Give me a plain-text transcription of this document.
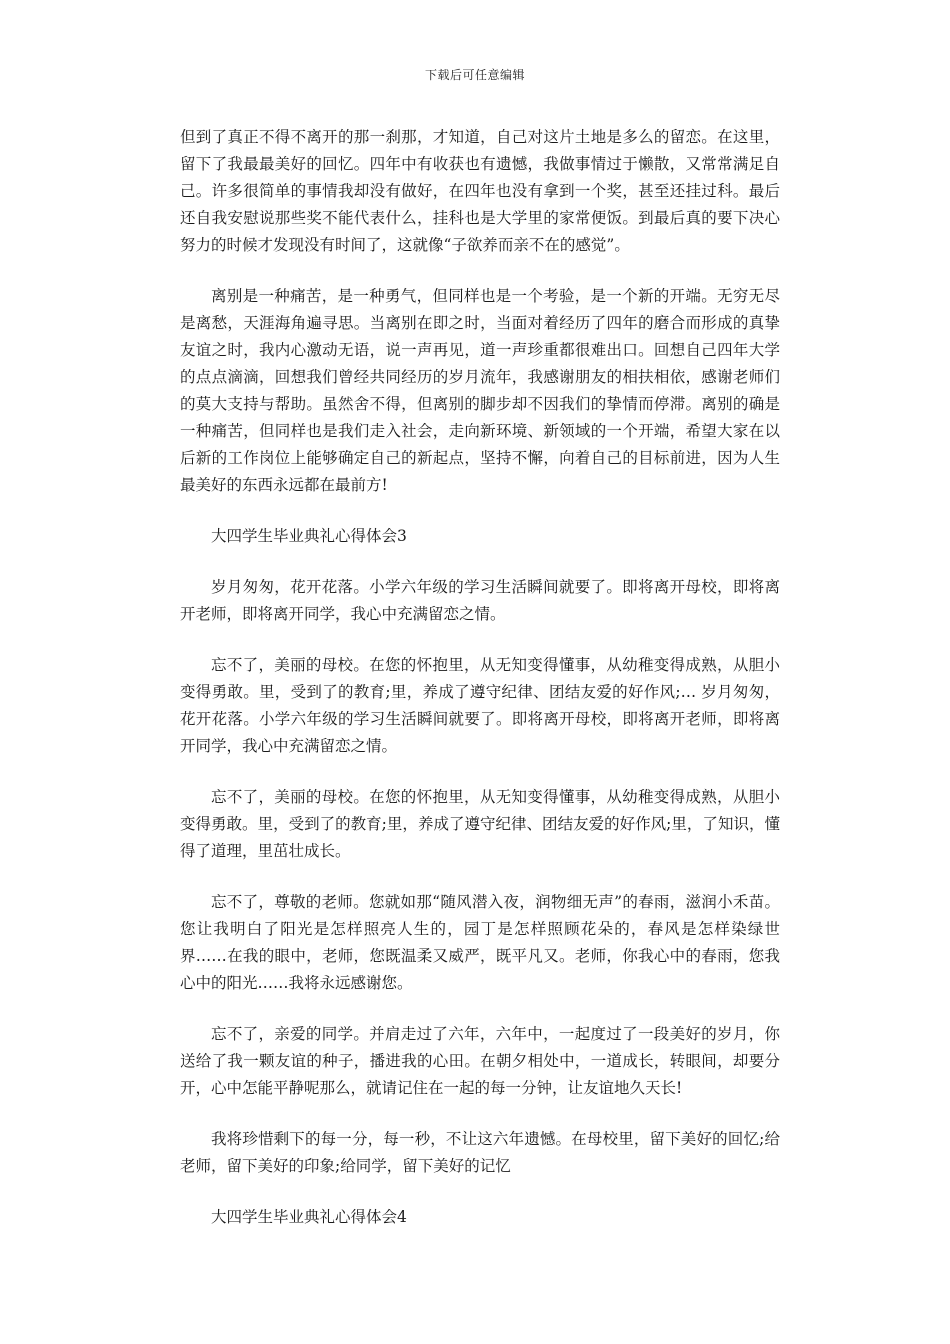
下载后可任意编辑

但到了真正不得不离开的那一刹那，才知道，自己对这片土地是多么的留恋。在这里，留下了我最最美好的回忆。四年中有收获也有遗憾，我做事情过于懒散，又常常满足自己。许多很简单的事情我却没有做好，在四年也没有拿到一个奖，甚至还挂过科。最后还自我安慰说那些奖不能代表什么，挂科也是大学里的家常便饭。到最后真的要下决心努力的时候才发现没有时间了，这就像“子欲养而亲不在的感觉”。

离别是一种痛苦，是一种勇气，但同样也是一个考验，是一个新的开端。无穷无尽是离愁，天涯海角遍寻思。当离别在即之时，当面对着经历了四年的磨合而形成的真挚友谊之时，我内心激动无语，说一声再见，道一声珍重都很难出口。回想自己四年大学的点点滴滴，回想我们曾经共同经历的岁月流年，我感谢朋友的相扶相依，感谢老师们的莫大支持与帮助。虽然舍不得，但离别的脚步却不因我们的挚情而停滞。离别的确是一种痛苦，但同样也是我们走入社会，走向新环境、新领域的一个开端，希望大家在以后新的工作岗位上能够确定自己的新起点，坚持不懈，向着自己的目标前进，因为人生最美好的东西永远都在最前方!

大四学生毕业典礼心得体会3

岁月匆匆，花开花落。小学六年级的学习生活瞬间就要了。即将离开母校，即将离开老师，即将离开同学，我心中充满留恋之情。

忘不了，美丽的母校。在您的怀抱里，从无知变得懂事，从幼稚变得成熟，从胆小变得勇敢。里，受到了的教育;里，养成了遵守纪律、团结友爱的好作风;… 岁月匆匆，花开花落。小学六年级的学习生活瞬间就要了。即将离开母校，即将离开老师，即将离开同学，我心中充满留恋之情。

忘不了，美丽的母校。在您的怀抱里，从无知变得懂事，从幼稚变得成熟，从胆小变得勇敢。里，受到了的教育;里，养成了遵守纪律、团结友爱的好作风;里，了知识，懂得了道理，里茁壮成长。

忘不了，尊敬的老师。您就如那“随风潜入夜，润物细无声”的春雨，滋润小禾苗。您让我明白了阳光是怎样照亮人生的，园丁是怎样照顾花朵的，春风是怎样染绿世界……在我的眼中，老师，您既温柔又威严，既平凡又。老师，你我心中的春雨，您我心中的阳光……我将永远感谢您。

忘不了，亲爱的同学。并肩走过了六年，六年中，一起度过了一段美好的岁月，你送给了我一颗友谊的种子，播进我的心田。在朝夕相处中，一道成长，转眼间，却要分开，心中怎能平静呢那么，就请记住在一起的每一分钟，让友谊地久天长!

我将珍惜剩下的每一分，每一秒，不让这六年遗憾。在母校里，留下美好的回忆;给老师，留下美好的印象;给同学，留下美好的记忆

大四学生毕业典礼心得体会4
